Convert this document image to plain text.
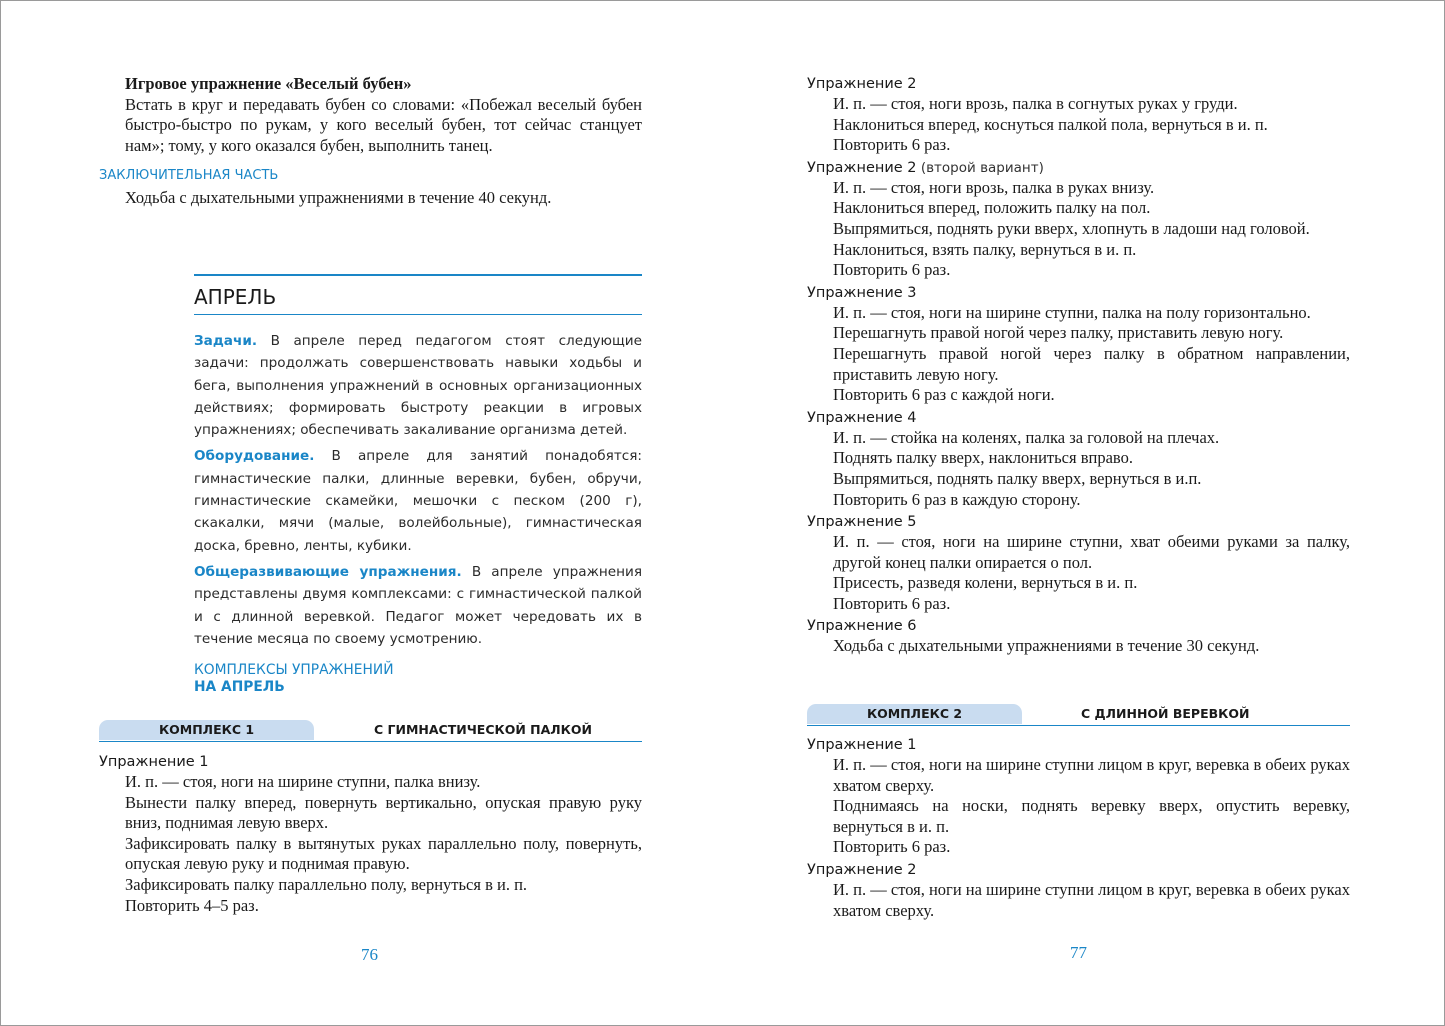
Игровое упражнение «Веселый бубен»
Встать в круг и передавать бубен со словами: «Побежал веселый бубен быстро-быстро по рукам, у кого веселый бубен, тот сейчас станцует нам»; тому, у кого оказался бубен, выполнить танец.
ЗАКЛЮЧИТЕЛЬНАЯ ЧАСТЬ
Ходьба с дыхательными упражнениями в течение 40 секунд.
АПРЕЛЬ

Задачи. В апреле перед педагогом стоят следующие задачи: продолжать совершенствовать навыки ходьбы и бега, выполнения упражнений в основных организационных действиях; формировать быстроту реакции в игровых упражнениях; обеспечивать закаливание организма детей.

Оборудование. В апреле для занятий понадобятся: гимнастические палки, длинные веревки, бубен, обручи, гимнастические скамейки, мешочки с песком (200 г), скакалки, мячи (малые, волейбольные), гимнастическая доска, бревно, ленты, кубики.

Общеразвивающие упражнения. В апреле упражнения представлены двумя комплексами: с гимнастической палкой и с длинной веревкой. Педагог может чередовать их в течение месяца по своему усмотрению.

КОМПЛЕКСЫ УПРАЖНЕНИЙ
НА АПРЕЛЬ
КОМПЛЕКС 1	С ГИМНАСТИЧЕСКОЙ ПАЛКОЙ
Упражнение 1

И. п. — стоя, ноги на ширине ступни, палка внизу.

Вынести палку вперед, повернуть вертикально, опуская правую руку вниз, поднимая левую вверх.

Зафиксировать палку в вытянутых руках параллельно полу, повернуть, опуская левую руку и поднимая правую.

Зафиксировать палку параллельно полу, вернуться в и. п.

Повторить 4–5 раз.

76
Упражнение 2

И. п. — стоя, ноги врозь, палка в согнутых руках у груди.

Наклониться вперед, коснуться палкой пола, вернуться в и. п.

Повторить 6 раз.

Упражнение 2 (второй вариант)

И. п. — стоя, ноги врозь, палка в руках внизу.

Наклониться вперед, положить палку на пол.

Выпрямиться, поднять руки вверх, хлопнуть в ладоши над головой.

Наклониться, взять палку, вернуться в и. п.

Повторить 6 раз.

Упражнение 3

И. п. — стоя, ноги на ширине ступни, палка на полу горизонтально.

Перешагнуть правой ногой через палку, приставить левую ногу.

Перешагнуть правой ногой через палку в обратном направлении, приставить левую ногу.

Повторить 6 раз с каждой ноги.

Упражнение 4

И. п. — стойка на коленях, палка за головой на плечах.

Поднять палку вверх, наклониться вправо.

Выпрямиться, поднять палку вверх, вернуться в и.п.

Повторить 6 раз в каждую сторону.

Упражнение 5

И. п. — стоя, ноги на ширине ступни, хват обеими руками за палку, другой конец палки опирается о пол.

Присесть, разведя колени, вернуться в и. п.

Повторить 6 раз.

Упражнение 6

Ходьба с дыхательными упражнениями в течение 30 секунд.

КОМПЛЕКС 2	С ДЛИННОЙ ВЕРЕВКОЙ
Упражнение 1

И. п. — стоя, ноги на ширине ступни лицом в круг, веревка в обеих руках хватом сверху.

Поднимаясь на носки, поднять веревку вверх, опустить веревку, вернуться в и. п.

Повторить 6 раз.

Упражнение 2

И. п. — стоя, ноги на ширине ступни лицом в круг, веревка в обеих руках хватом сверху.

77
